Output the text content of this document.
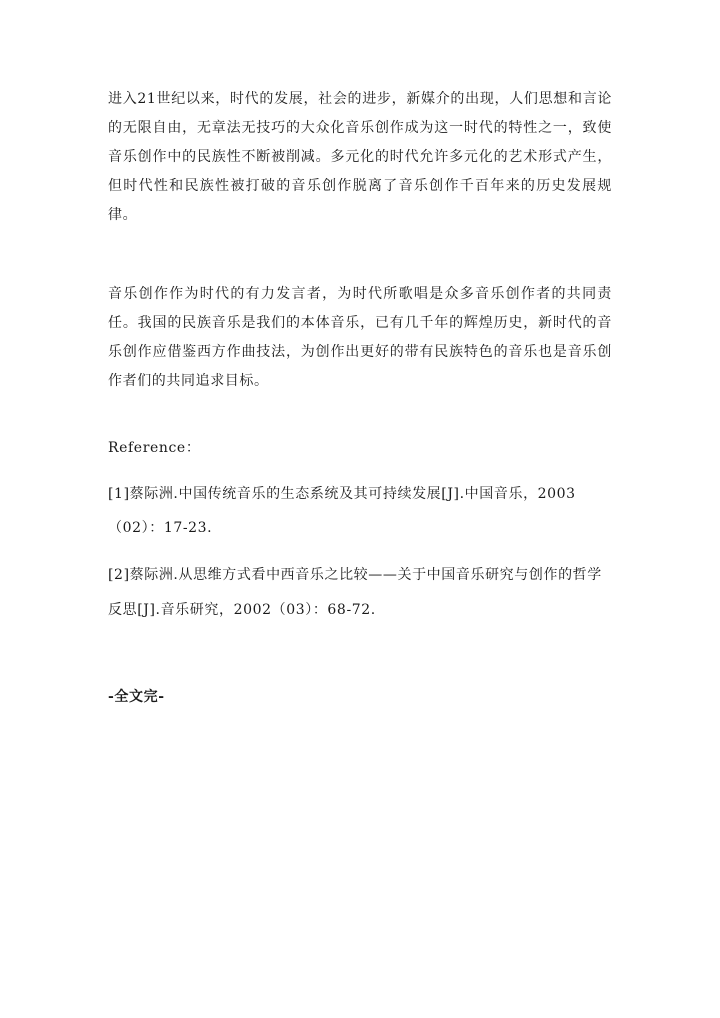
进入21世纪以来，时代的发展，社会的进步，新媒介的出现，人们思想和言论的无限自由，无章法无技巧的大众化音乐创作成为这一时代的特性之一，致使音乐创作中的民族性不断被削减。多元化的时代允许多元化的艺术形式产生，但时代性和民族性被打破的音乐创作脱离了音乐创作千百年来的历史发展规律。

音乐创作作为时代的有力发言者，为时代所歌唱是众多音乐创作者的共同责任。我国的民族音乐是我们的本体音乐，已有几千年的辉煌历史，新时代的音乐创作应借鉴西方作曲技法，为创作出更好的带有民族特色的音乐也是音乐创作者们的共同追求目标。

Reference：
[1]蔡际洲.中国传统音乐的生态系统及其可持续发展[J].中国音乐，2003
（02）：17-23.
[2]蔡际洲.从思维方式看中西音乐之比较——关于中国音乐研究与创作的哲学
反思[J].音乐研究，2002（03）：68-72.
-全文完-
